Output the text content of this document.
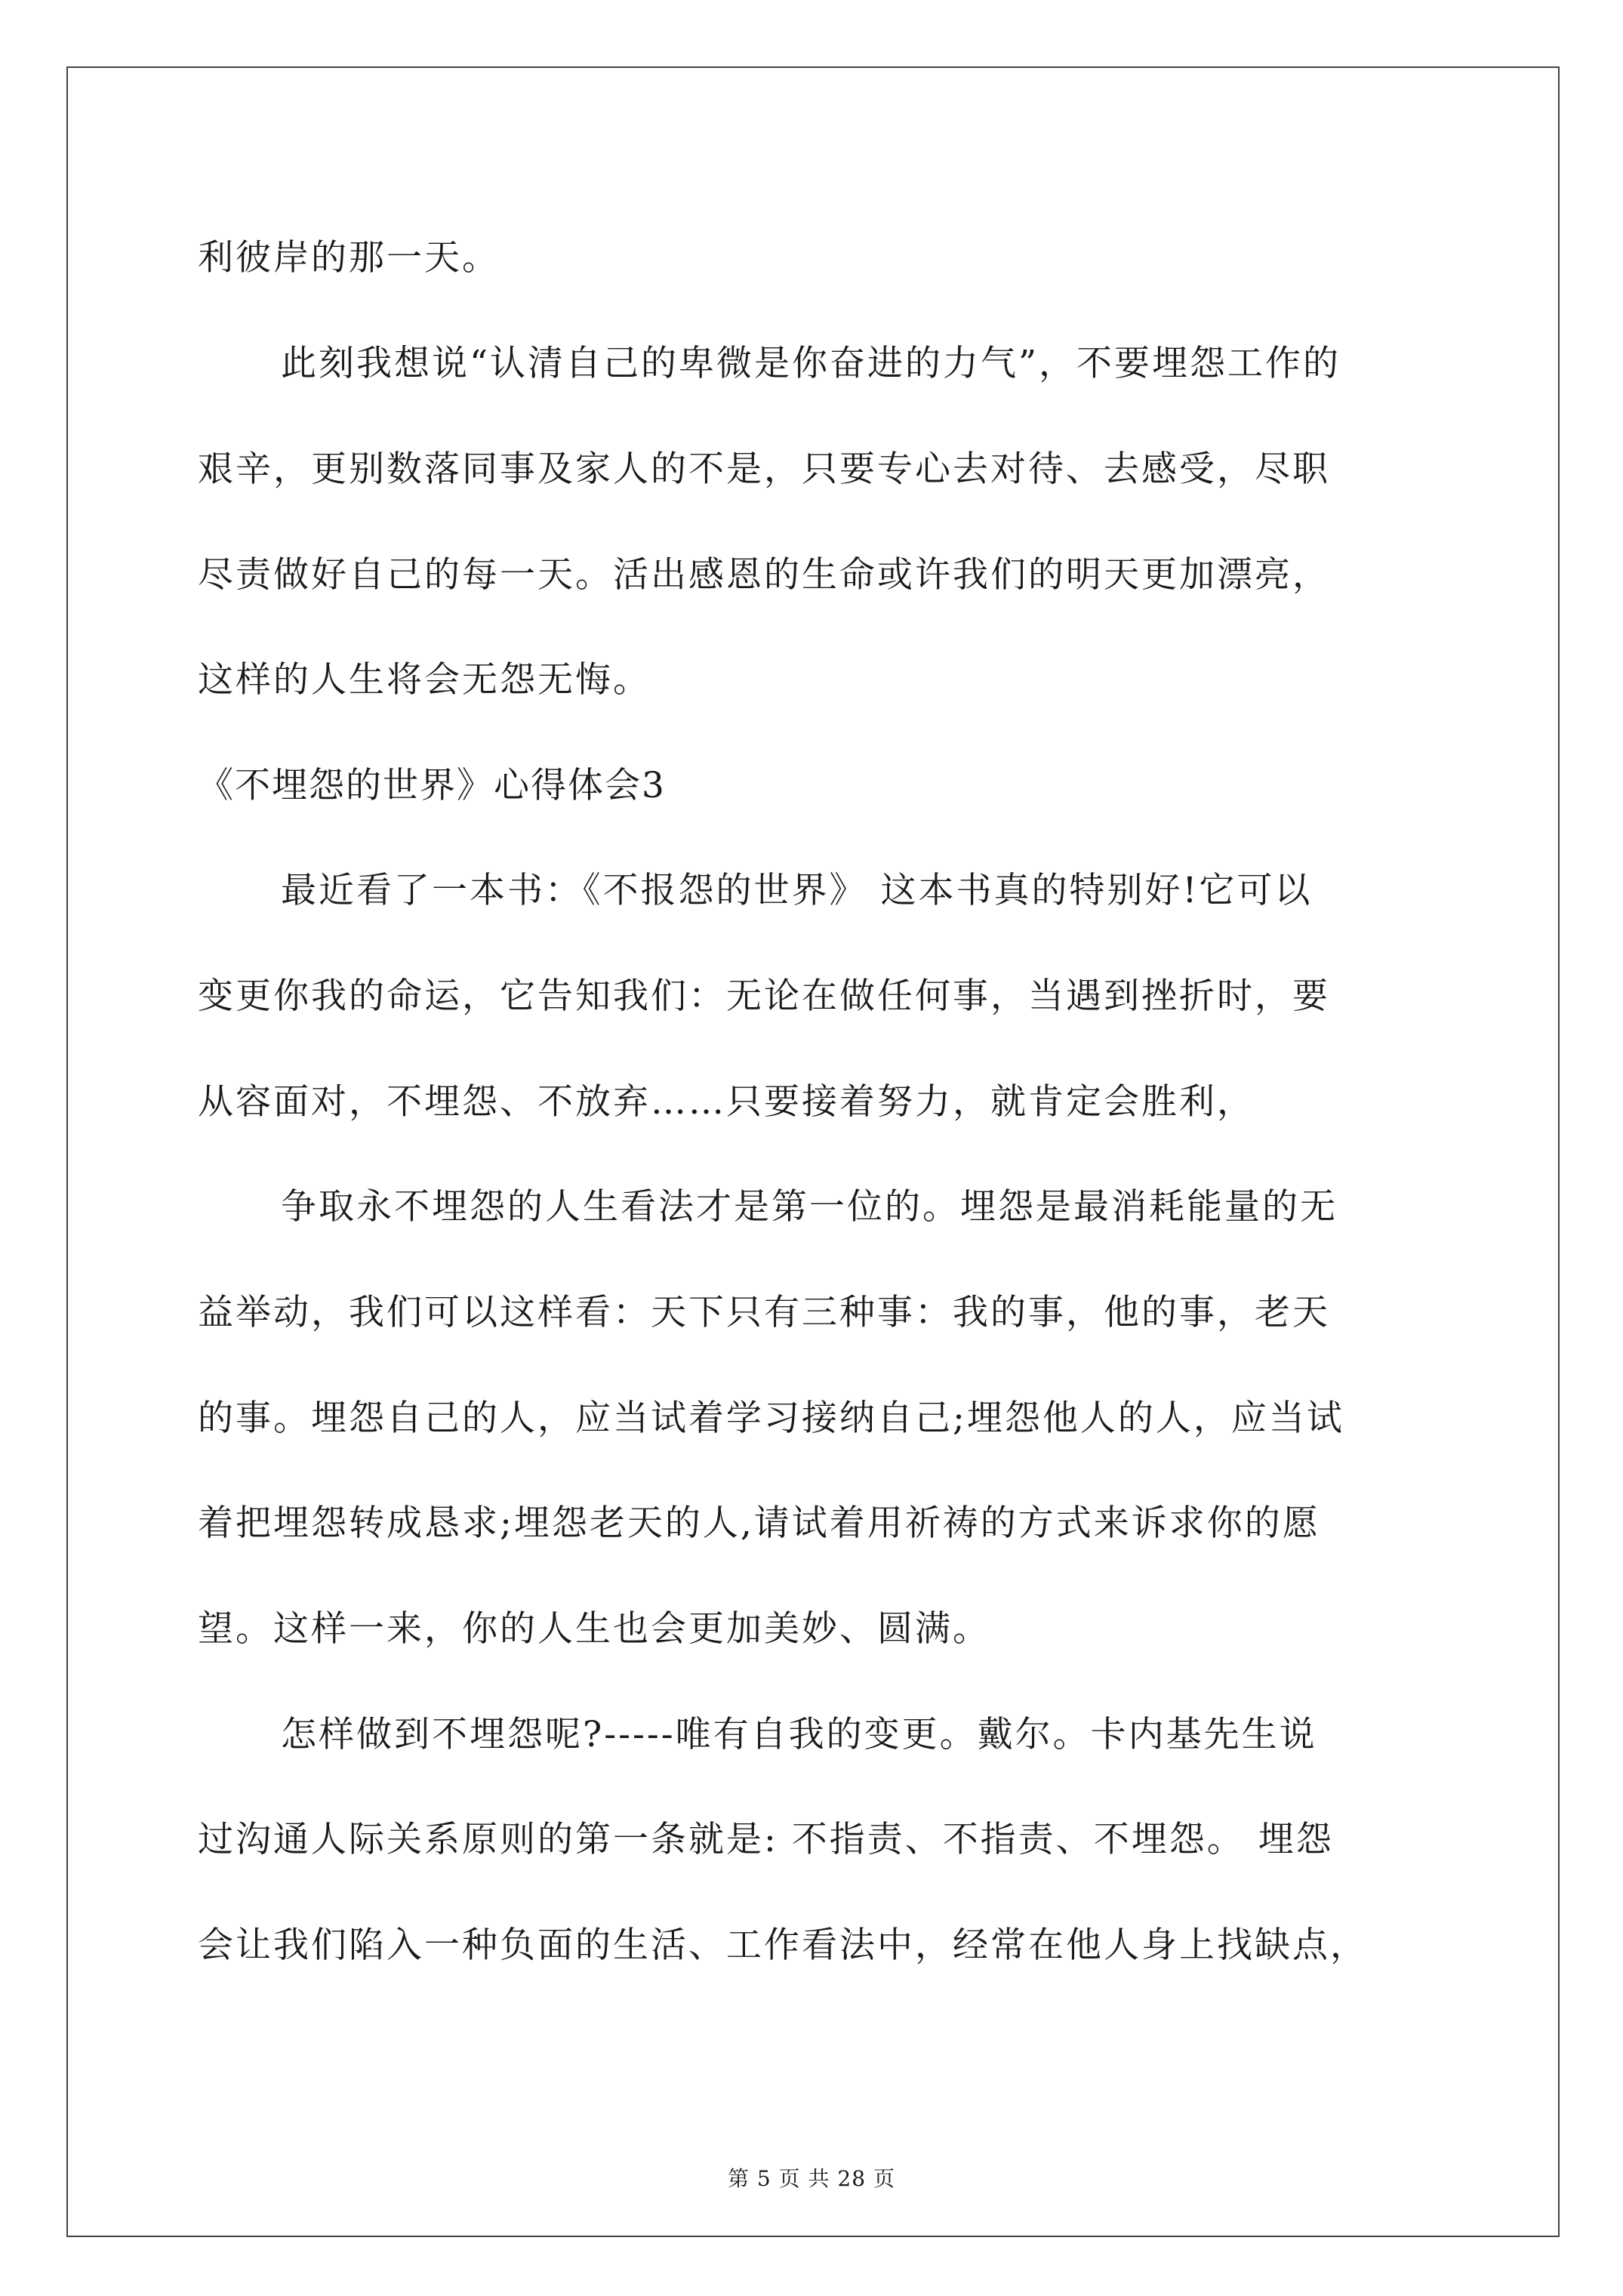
利彼岸的那一天。
此刻我想说“认清自己的卑微是你奋进的力气”，不要埋怨工作的
艰辛，更别数落同事及家人的不是，只要专心去对待、去感受，尽职
尽责做好自己的每一天。活出感恩的生命或许我们的明天更加漂亮，
这样的人生将会无怨无悔。
《不埋怨的世界》心得体会3
最近看了一本书：《不报怨的世界》 这本书真的特别好!它可以
变更你我的命运，它告知我们：无论在做任何事，当遇到挫折时，要
从容面对，不埋怨、不放弃……只要接着努力，就肯定会胜利，
争取永不埋怨的人生看法才是第一位的。埋怨是最消耗能量的无
益举动，我们可以这样看：天下只有三种事：我的事，他的事，老天
的事。埋怨自己的人，应当试着学习接纳自己;埋怨他人的人，应当试
着把埋怨转成恳求;埋怨老天的人,请试着用祈祷的方式来诉求你的愿
望。这样一来，你的人生也会更加美妙、圆满。
怎样做到不埋怨呢?-----唯有自我的变更。戴尔。卡内基先生说
过沟通人际关系原则的第一条就是: 不指责、不指责、不埋怨。 埋怨
会让我们陷入一种负面的生活、工作看法中，经常在他人身上找缺点，
第 5 页 共 28 页
